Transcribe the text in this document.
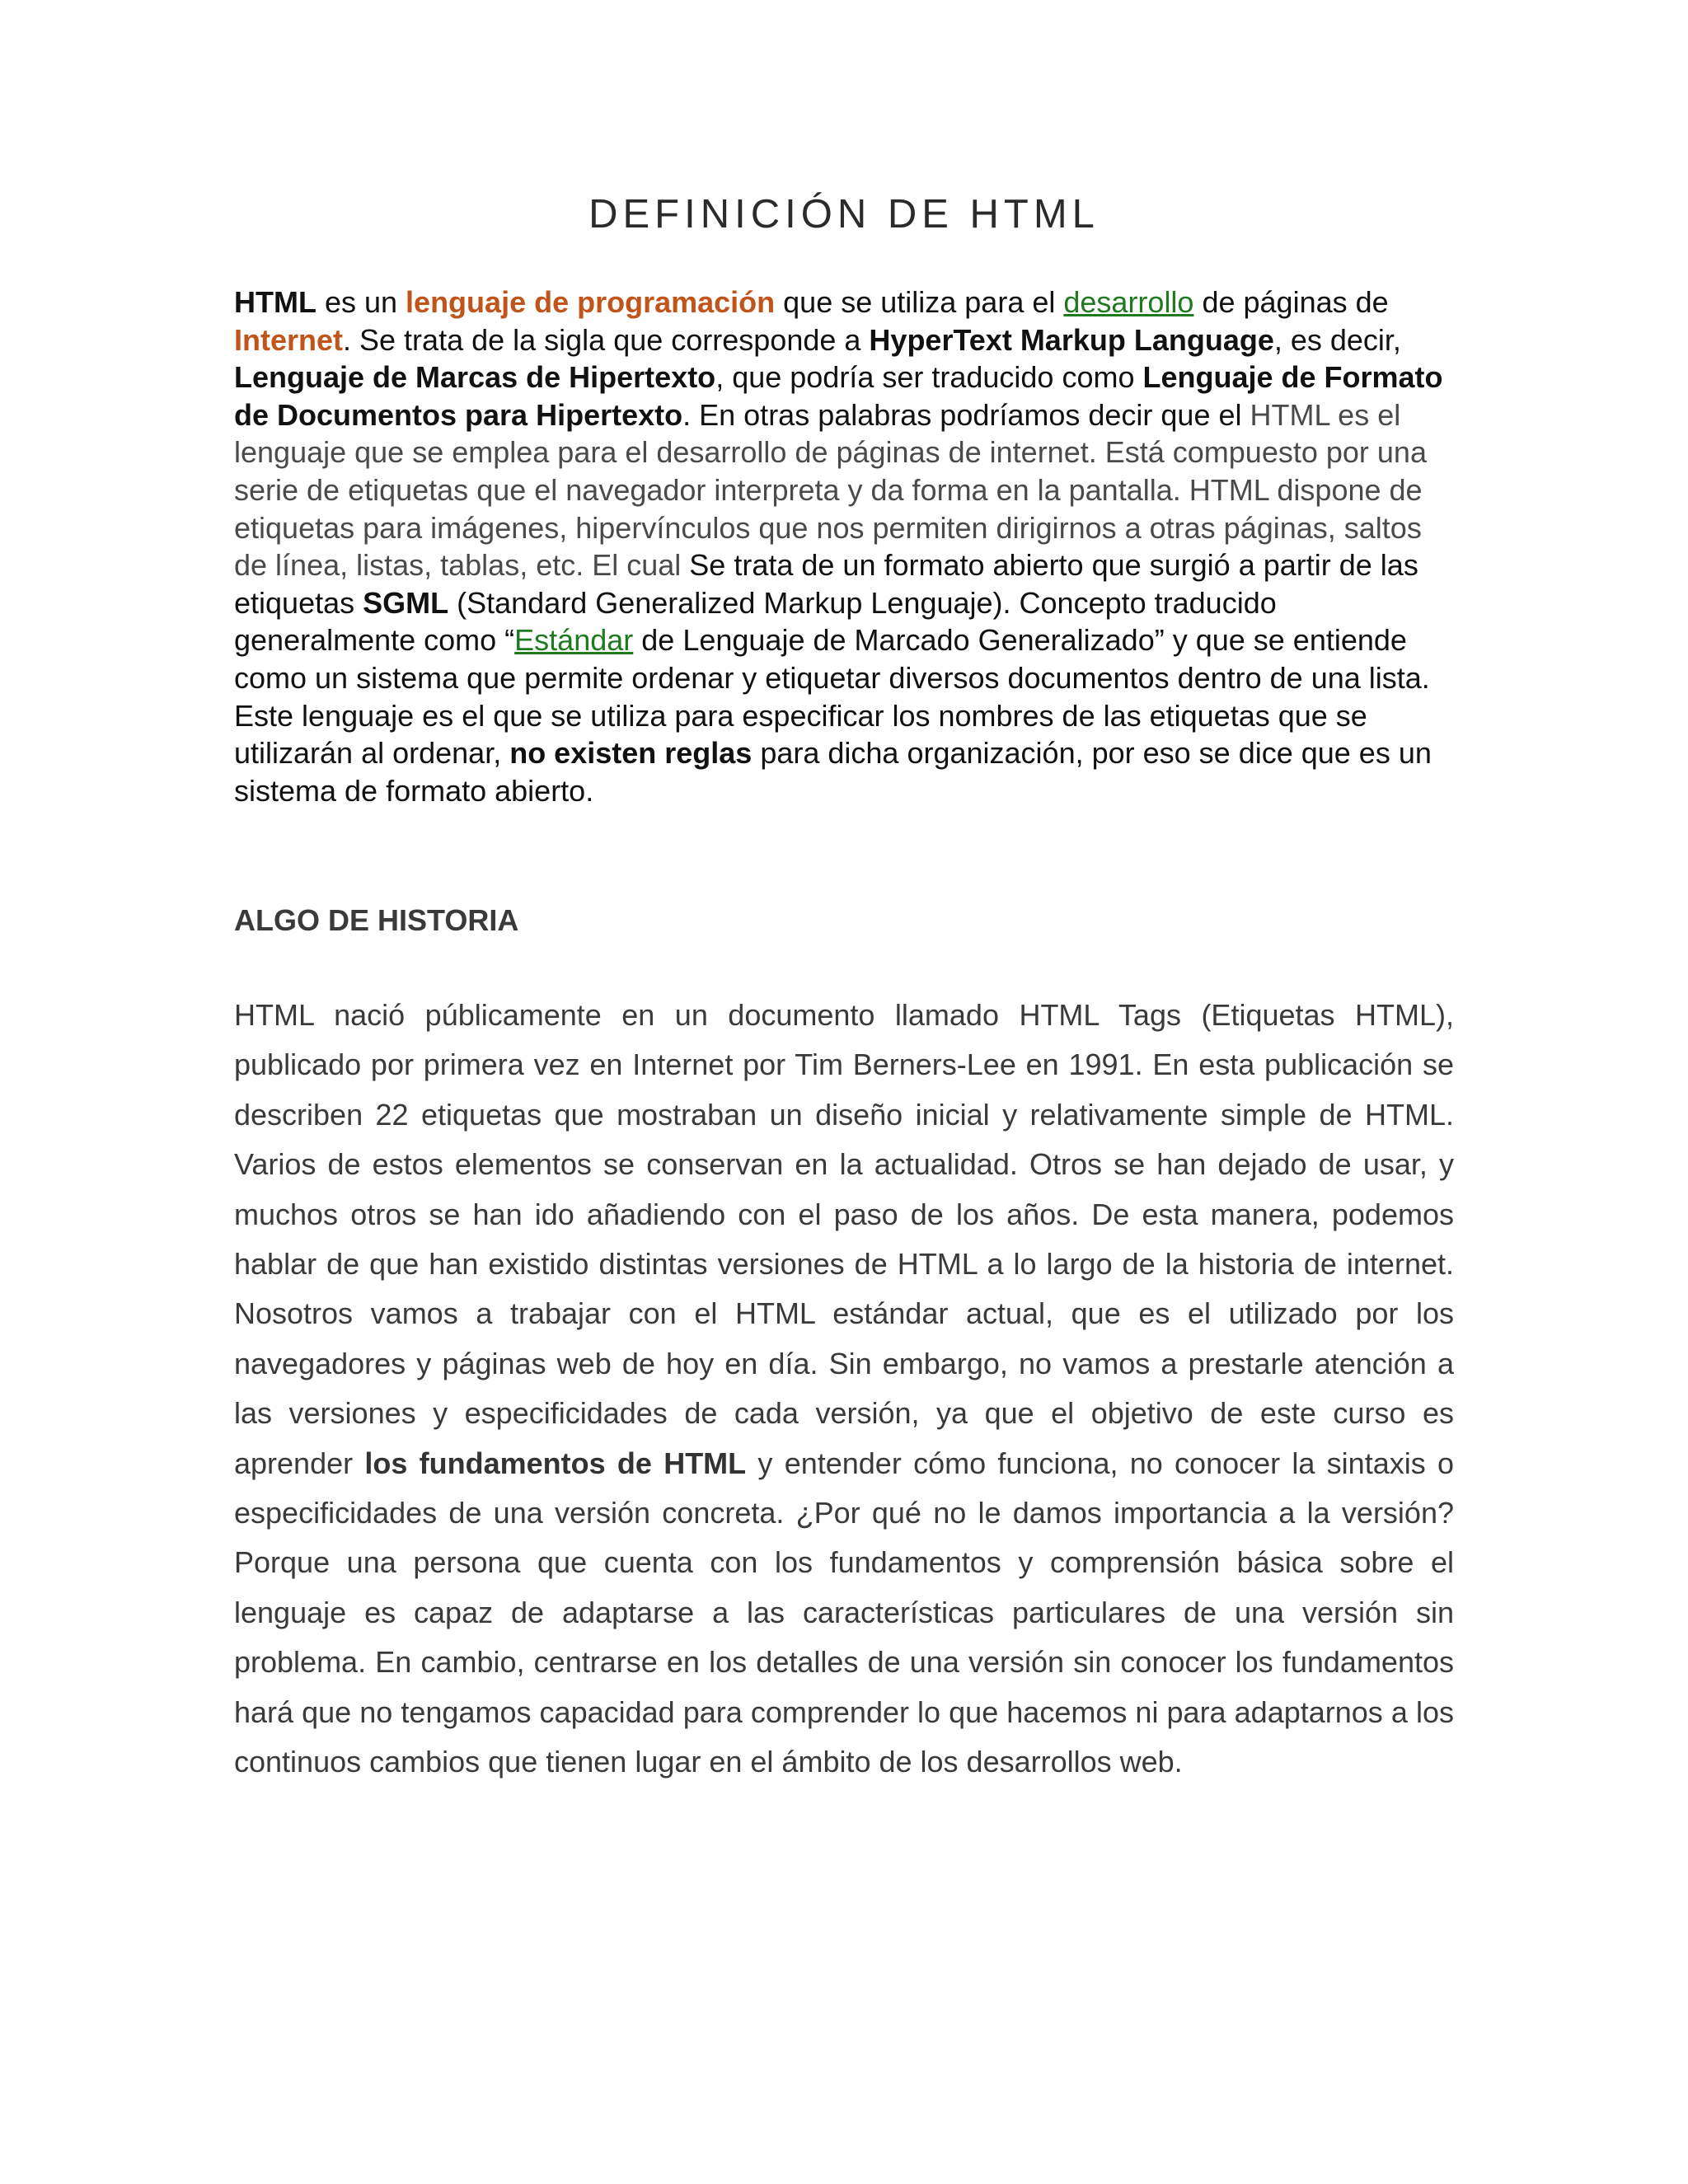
DEFINICIÓN DE HTML

HTML es un lenguaje de programación que se utiliza para el desarrollo de páginas de Internet. Se trata de la sigla que corresponde a HyperText Markup Language, es decir, Lenguaje de Marcas de Hipertexto, que podría ser traducido como Lenguaje de Formato de Documentos para Hipertexto. En otras palabras podríamos decir que el HTML es el lenguaje que se emplea para el desarrollo de páginas de internet. Está compuesto por una serie de etiquetas que el navegador interpreta y da forma en la pantalla. HTML dispone de etiquetas para imágenes, hipervínculos que nos permiten dirigirnos a otras páginas, saltos de línea, listas, tablas, etc. El cual Se trata de un formato abierto que surgió a partir de las etiquetas SGML (Standard Generalized Markup Lenguaje). Concepto traducido generalmente como “Estándar de Lenguaje de Marcado Generalizado” y que se entiende como un sistema que permite ordenar y etiquetar diversos documentos dentro de una lista. Este lenguaje es el que se utiliza para especificar los nombres de las etiquetas que se utilizarán al ordenar, no existen reglas para dicha organización, por eso se dice que es un sistema de formato abierto.

ALGO DE HISTORIA

HTML nació públicamente en un documento llamado HTML Tags (Etiquetas HTML), publicado por primera vez en Internet por Tim Berners-Lee en 1991. En esta publicación se describen 22 etiquetas que mostraban un diseño inicial y relativamente simple de HTML. Varios de estos elementos se conservan en la actualidad. Otros se han dejado de usar, y muchos otros se han ido añadiendo con el paso de los años. De esta manera, podemos hablar de que han existido distintas versiones de HTML a lo largo de la historia de internet. Nosotros vamos a trabajar con el HTML estándar actual, que es el utilizado por los navegadores y páginas web de hoy en día. Sin embargo, no vamos a prestarle atención a las versiones y especificidades de cada versión, ya que el objetivo de este curso es aprender los fundamentos de HTML y entender cómo funciona, no conocer la sintaxis o especificidades de una versión concreta. ¿Por qué no le damos importancia a la versión? Porque una persona que cuenta con los fundamentos y comprensión básica sobre el lenguaje es capaz de adaptarse a las características particulares de una versión sin problema. En cambio, centrarse en los detalles de una versión sin conocer los fundamentos hará que no tengamos capacidad para comprender lo que hacemos ni para adaptarnos a los continuos cambios que tienen lugar en el ámbito de los desarrollos web.
